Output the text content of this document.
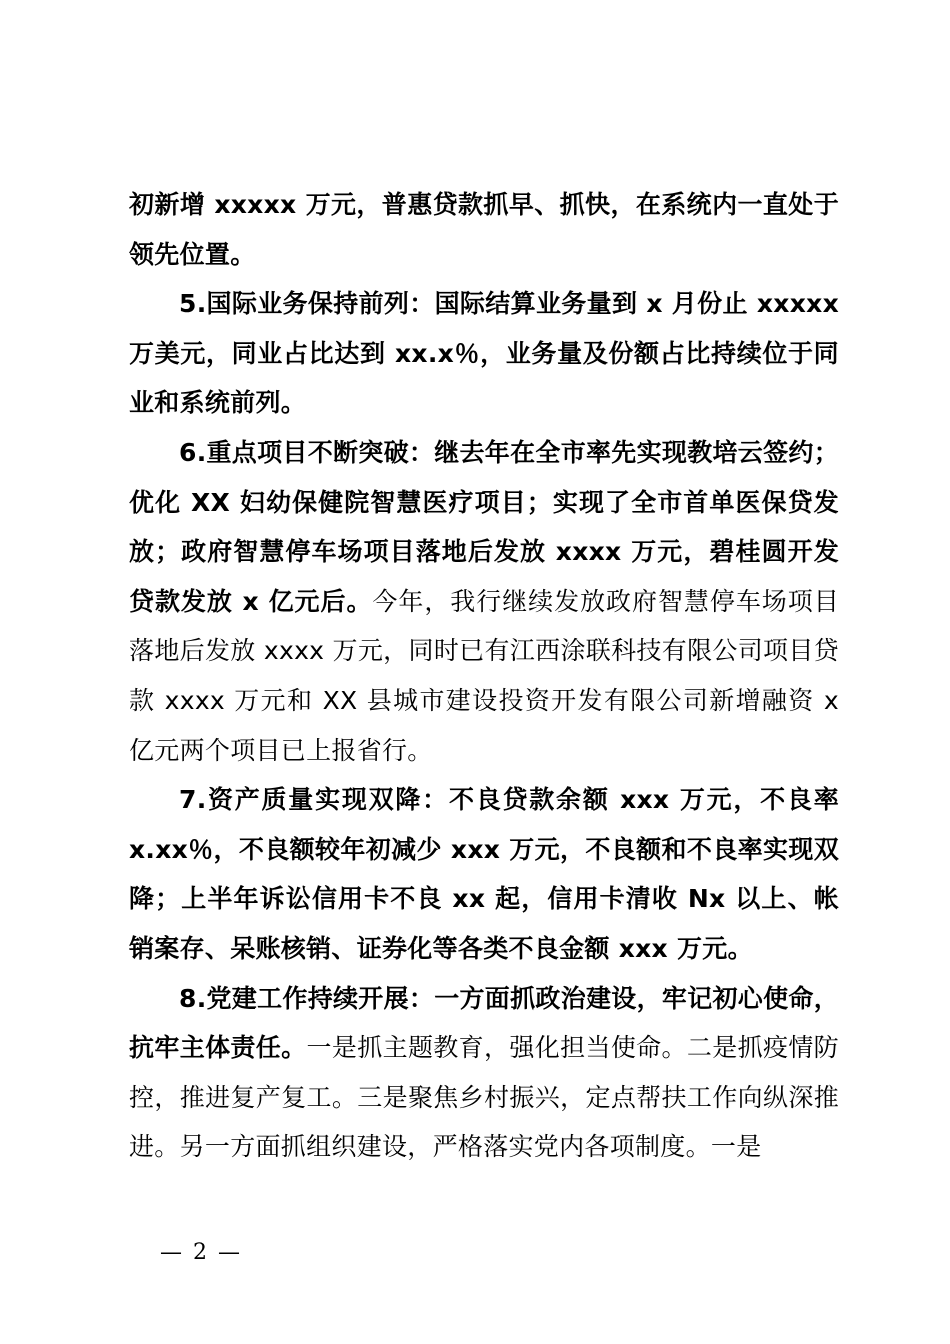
初新增 xxxxx 万元，普惠贷款抓早、抓快，在系统内一直处于领先位置。

5.国际业务保持前列：国际结算业务量到 x 月份止 xxxxx 万美元，同业占比达到 xx.x％，业务量及份额占比持续位于同业和系统前列。

6.重点项目不断突破：继去年在全市率先实现教培云签约；优化 XX 妇幼保健院智慧医疗项目；实现了全市首单医保贷发放；政府智慧停车场项目落地后发放 xxxx 万元，碧桂圆开发贷款发放 x 亿元后。今年，我行继续发放政府智慧停车场项目落地后发放 xxxx 万元，同时已有江西涂联科技有限公司项目贷款 xxxx 万元和 XX 县城市建设投资开发有限公司新增融资 x 亿元两个项目已上报省行。

7.资产质量实现双降：不良贷款余额 xxx 万元，不良率 x.xx％，不良额较年初减少 xxx 万元，不良额和不良率实现双降；上半年诉讼信用卡不良 xx 起，信用卡清收 Nx 以上、帐销案存、呆账核销、证券化等各类不良金额 xxx 万元。

8.党建工作持续开展：一方面抓政治建设，牢记初心使命，抗牢主体责任。一是抓主题教育，强化担当使命。二是抓疫情防控，推进复产复工。三是聚焦乡村振兴，定点帮扶工作向纵深推进。另一方面抓组织建设，严格落实党内各项制度。一是

— 2 —
